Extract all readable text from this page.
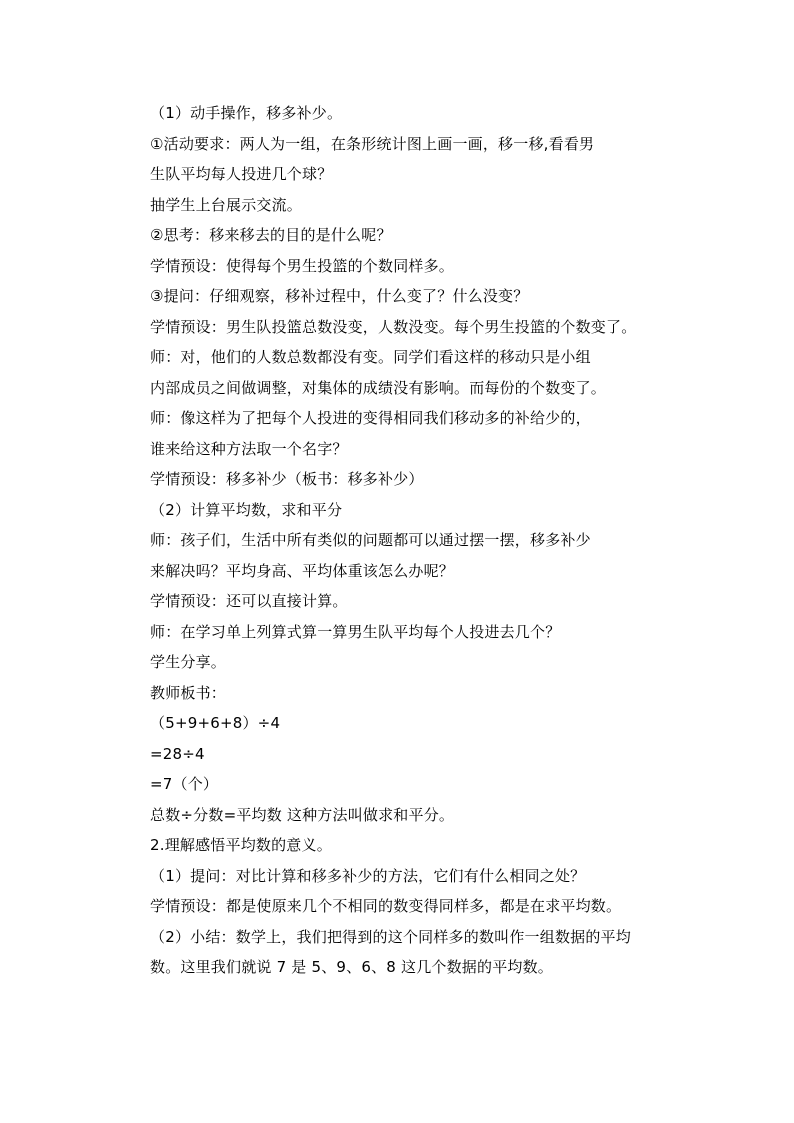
（1）动手操作，移多补少。
①活动要求：两人为一组，在条形统计图上画一画，移一移,看看男
生队平均每人投进几个球？
抽学生上台展示交流。
②思考：移来移去的目的是什么呢？
学情预设：使得每个男生投篮的个数同样多。
③提问：仔细观察，移补过程中，什么变了？什么没变？
学情预设：男生队投篮总数没变，人数没变。每个男生投篮的个数变了。
师：对，他们的人数总数都没有变。同学们看这样的移动只是小组
内部成员之间做调整，对集体的成绩没有影响。而每份的个数变了。
师：像这样为了把每个人投进的变得相同我们移动多的补给少的，
谁来给这种方法取一个名字？
学情预设：移多补少（板书：移多补少）
（2）计算平均数，求和平分
师：孩子们，生活中所有类似的问题都可以通过摆一摆，移多补少
来解决吗？平均身高、平均体重该怎么办呢？
学情预设：还可以直接计算。
师：在学习单上列算式算一算男生队平均每个人投进去几个？
学生分享。
教师板书：
（5+9+6+8）÷4
=28÷4
=7（个）
总数÷分数=平均数 这种方法叫做求和平分。
2.理解感悟平均数的意义。
（1）提问：对比计算和移多补少的方法，它们有什么相同之处？
学情预设：都是使原来几个不相同的数变得同样多，都是在求平均数。
（2）小结：数学上，我们把得到的这个同样多的数叫作一组数据的平均
数。这里我们就说 7 是 5、9、6、8 这几个数据的平均数。
